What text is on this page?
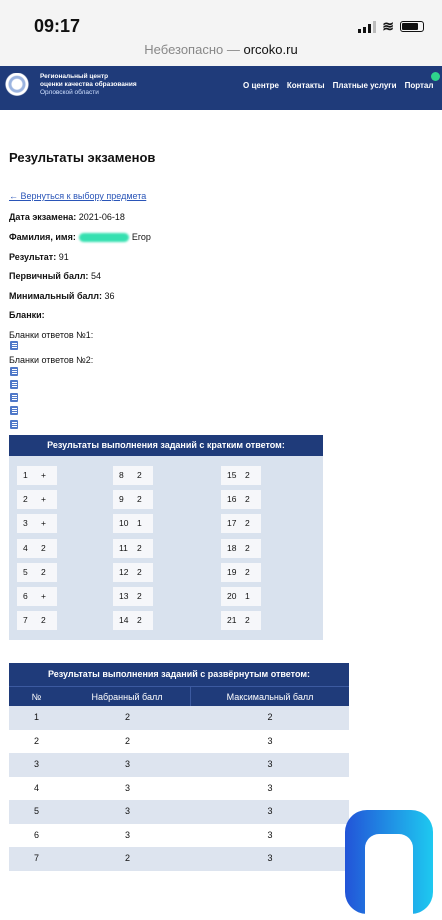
09:17	≋
Небезопасно — orcoko.ru
Региональный центр
оценки качества образования
Орловской области
О центре Контакты Платные услуги Портал
Результаты экзаменов
← Вернуться к выбору предмета
Дата экзамена: 2021-06-18
Фамилия, имя:	Егор
Результат: 91
Первичный балл: 54
Минимальный балл: 36
Бланки:
Бланки ответов №1:
Бланки ответов №2:
Результаты выполнения заданий с кратким ответом:
1	+
2	+
3	+
4	2
5	2
6	+
7	2
8	2
9	2
10	1
11	2
12	2
13	2
14	2
15	2
16	2
17	2
18	2
19	2
20	1
21	2
Результаты выполнения заданий с развёрнутым ответом:
№	Набранный балл	Максимальный балл
1	2	2
2	2	3
3	3	3
4	3	3
5	3	3
6	3	3
7	2	3
